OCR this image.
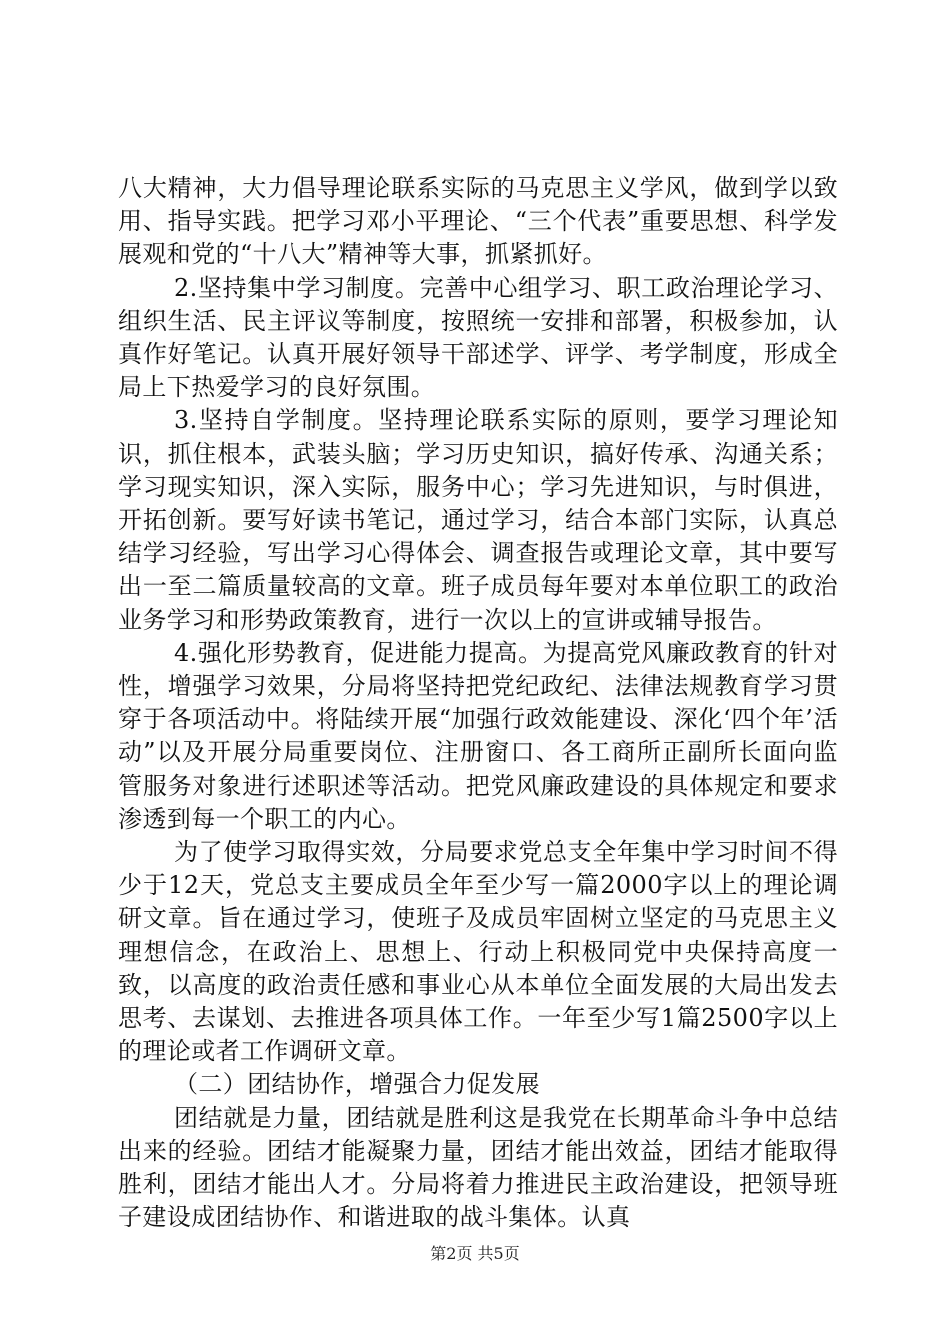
八大精神，大力倡导理论联系实际的马克思主义学风，做到学以致用、指导实践。把学习邓小平理论、“三个代表”重要思想、科学发展观和党的“十八大”精神等大事，抓紧抓好。

2.坚持集中学习制度。完善中心组学习、职工政治理论学习、组织生活、民主评议等制度，按照统一安排和部署，积极参加，认真作好笔记。认真开展好领导干部述学、评学、考学制度，形成全局上下热爱学习的良好氛围。

3.坚持自学制度。坚持理论联系实际的原则，要学习理论知识，抓住根本，武装头脑；学习历史知识，搞好传承、沟通关系；学习现实知识，深入实际，服务中心；学习先进知识，与时俱进，开拓创新。要写好读书笔记，通过学习，结合本部门实际，认真总结学习经验，写出学习心得体会、调查报告或理论文章，其中要写出一至二篇质量较高的文章。班子成员每年要对本单位职工的政治业务学习和形势政策教育，进行一次以上的宣讲或辅导报告。

4.强化形势教育，促进能力提高。为提高党风廉政教育的针对性，增强学习效果，分局将坚持把党纪政纪、法律法规教育学习贯穿于各项活动中。将陆续开展“加强行政效能建设、深化‘四个年’活动”以及开展分局重要岗位、注册窗口、各工商所正副所长面向监管服务对象进行述职述等活动。把党风廉政建设的具体规定和要求渗透到每一个职工的内心。

为了使学习取得实效，分局要求党总支全年集中学习时间不得少于12天，党总支主要成员全年至少写一篇2000字以上的理论调研文章。旨在通过学习，使班子及成员牢固树立坚定的马克思主义理想信念，在政治上、思想上、行动上积极同党中央保持高度一致，以高度的政治责任感和事业心从本单位全面发展的大局出发去思考、去谋划、去推进各项具体工作。一年至少写1篇2500字以上的理论或者工作调研文章。

（二）团结协作，增强合力促发展

团结就是力量，团结就是胜利这是我党在长期革命斗争中总结出来的经验。团结才能凝聚力量，团结才能出效益，团结才能取得胜利，团结才能出人才。分局将着力推进民主政治建设，把领导班子建设成团结协作、和谐进取的战斗集体。认真

第2页 共5页
